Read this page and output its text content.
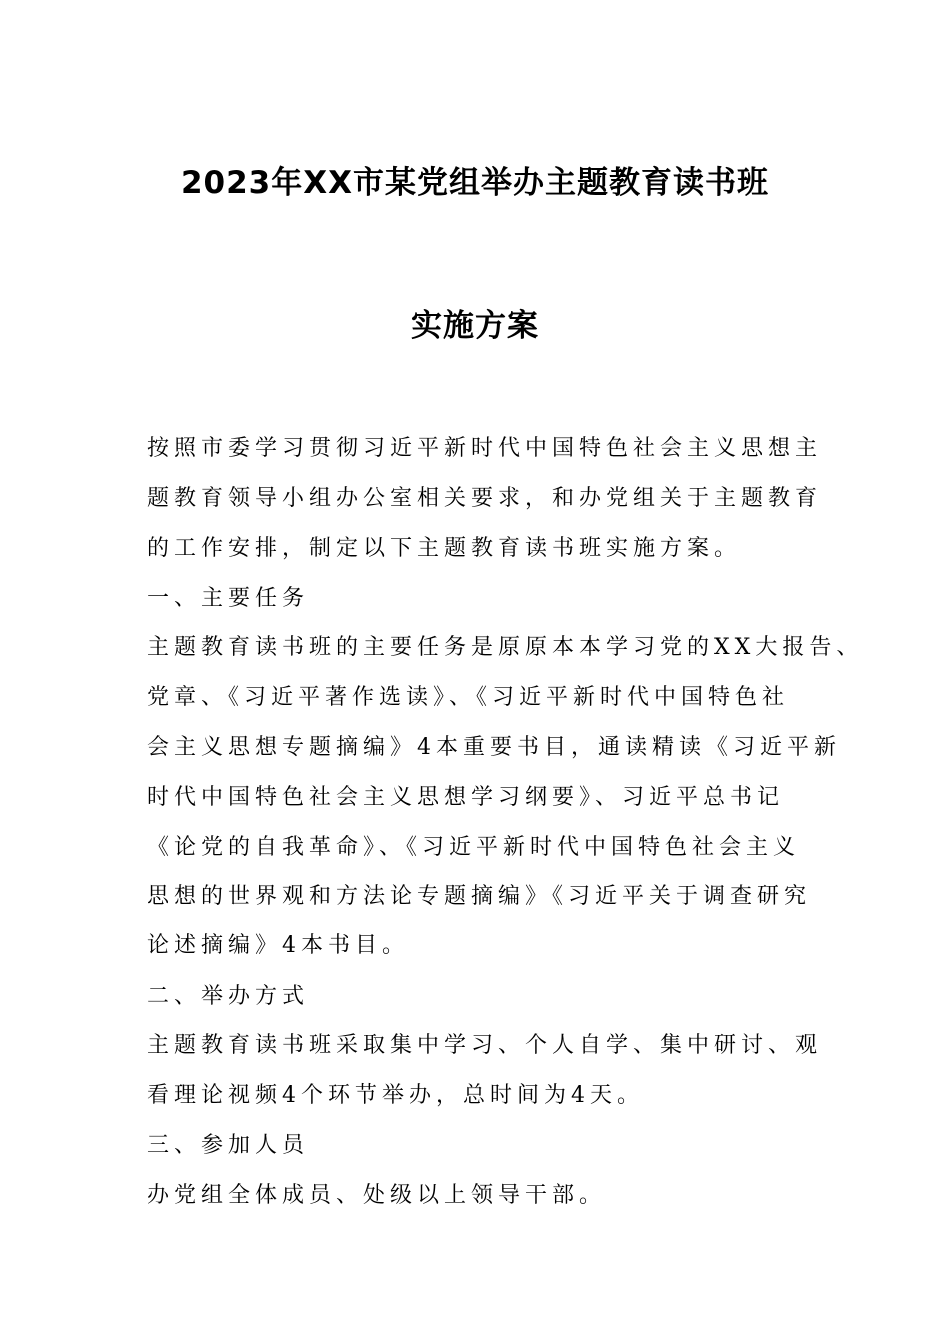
2023年XX市某党组举办主题教育读书班
实施方案
按照市委学习贯彻习近平新时代中国特色社会主义思想主
题教育领导小组办公室相关要求，和办党组关于主题教育
的工作安排，制定以下主题教育读书班实施方案。
一、主要任务
主题教育读书班的主要任务是原原本本学习党的XX大报告、
党章、《习近平著作选读》、《习近平新时代中国特色社
会主义思想专题摘编》4本重要书目，通读精读《习近平新
时代中国特色社会主义思想学习纲要》、习近平总书记
《论党的自我革命》、《习近平新时代中国特色社会主义
思想的世界观和方法论专题摘编》《习近平关于调查研究
论述摘编》4本书目。
二、举办方式
主题教育读书班采取集中学习、个人自学、集中研讨、观
看理论视频4个环节举办，总时间为4天。
三、参加人员
办党组全体成员、处级以上领导干部。
